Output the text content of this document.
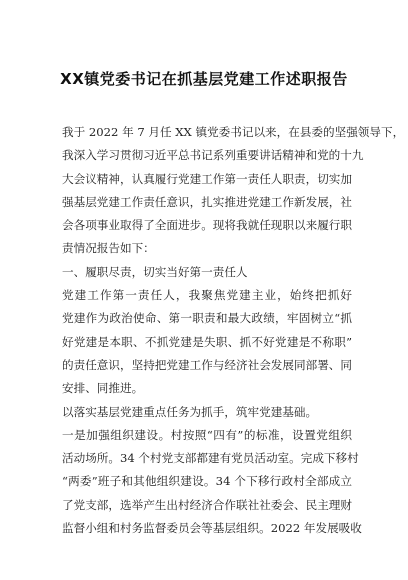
XX镇党委书记在抓基层党建工作述职报告
我于 2022 年 7 月任 XX 镇党委书记以来，在县委的坚强领导下，
我深入学习贯彻习近平总书记系列重要讲话精神和党的十九
大会议精神，认真履行党建工作第一责任人职责，切实加
强基层党建工作责任意识，扎实推进党建工作新发展，社
会各项事业取得了全面进步。现将我就任现职以来履行职
责情况报告如下：
一、履职尽责，切实当好第一责任人
党建工作第一责任人，我聚焦党建主业，始终把抓好
党建作为政治使命、第一职责和最大政绩，牢固树立“抓
好党建是本职、不抓党建是失职、抓不好党建是不称职”
的责任意识，坚持把党建工作与经济社会发展同部署、同
安排、同推进。
以落实基层党建重点任务为抓手，筑牢党建基础。
一是加强组织建设。村按照“四有”的标准，设置党组织
活动场所。34 个村党支部都建有党员活动室。完成下移村
“两委”班子和其他组织建设。34 个下移行政村全部成立
了党支部，选举产生出村经济合作联社社委会、民主理财
监督小组和村务监督委员会等基层组织。2022 年发展吸收
